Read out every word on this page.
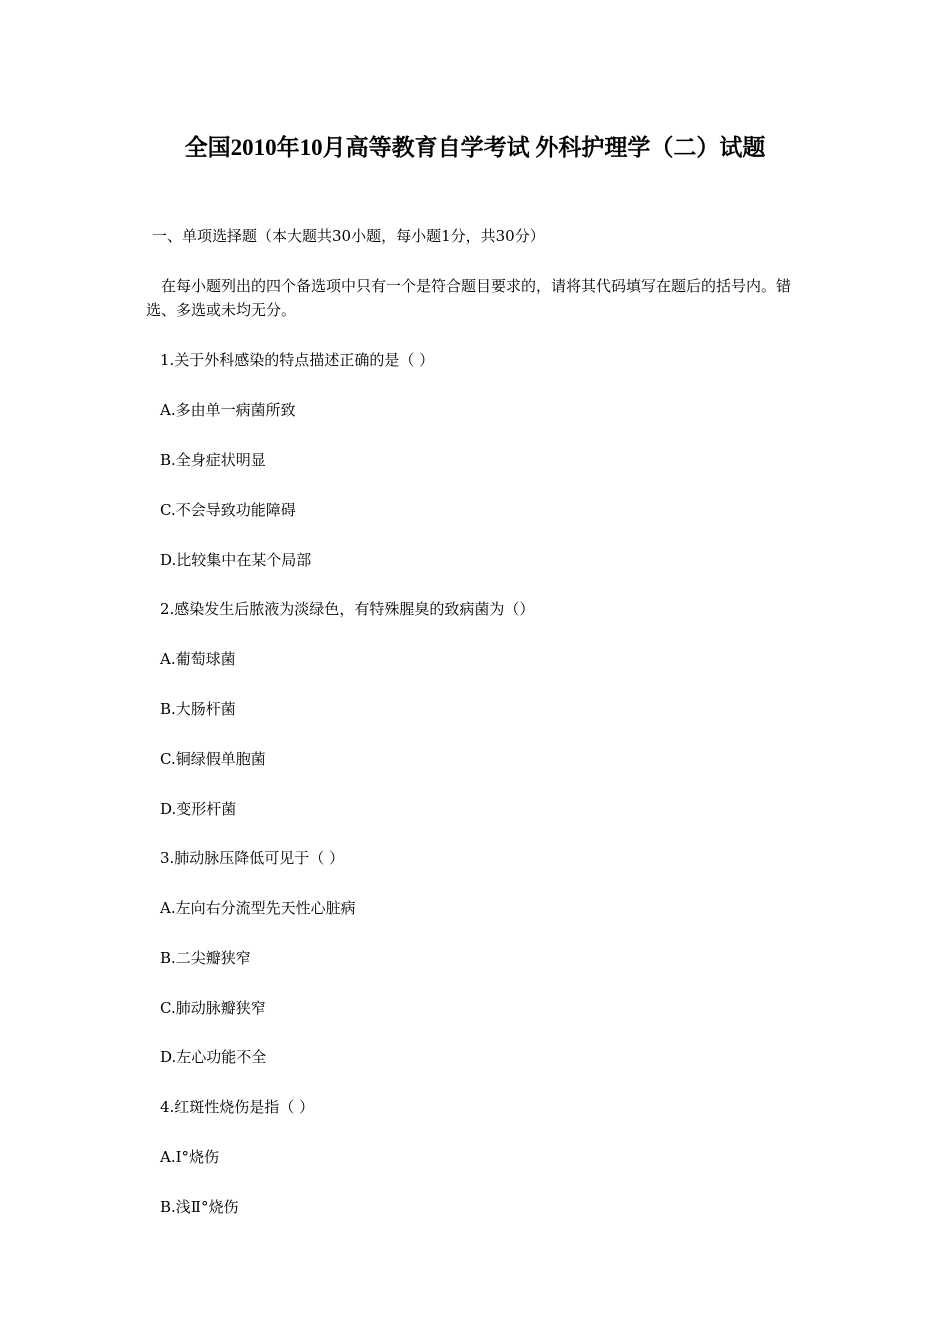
全国2010年10月高等教育自学考试 外科护理学（二）试题
一、单项选择题（本大题共30小题，每小题1分，共30分）
在每小题列出的四个备选项中只有一个是符合题目要求的，请将其代码填写在题后的括号内。错选、多选或未均无分。
1.关于外科感染的特点描述正确的是（ ）
A.多由单一病菌所致
B.全身症状明显
C.不会导致功能障碍
D.比较集中在某个局部
2.感染发生后脓液为淡绿色，有特殊腥臭的致病菌为（）
A.葡萄球菌
B.大肠杆菌
C.铜绿假单胞菌
D.变形杆菌
3.肺动脉压降低可见于（ ）
A.左向右分流型先天性心脏病
B.二尖瓣狭窄
C.肺动脉瓣狭窄
D.左心功能不全
4.红斑性烧伤是指（ ）
A.I°烧伤
B.浅Ⅱ°烧伤
